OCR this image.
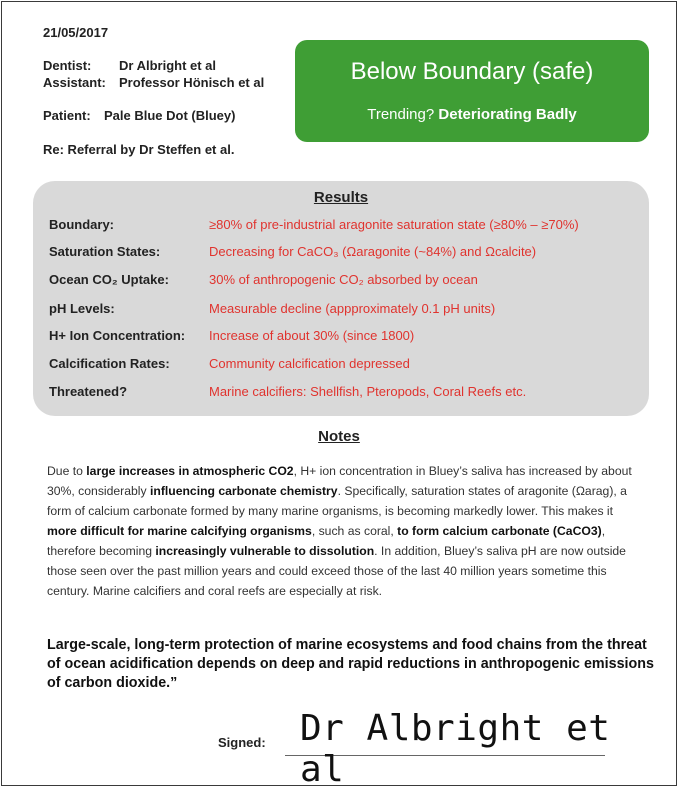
21/05/2017
Dentist: Dr Albright et al
Assistant: Professor Hönisch et al
Patient: Pale Blue Dot (Bluey)
Re: Referral by Dr Steffen et al.
Below Boundary (safe)
Trending? Deteriorating Badly
Results
Boundary:	≥80% of pre-industrial aragonite saturation state (≥80% – ≥70%)
Saturation States:	Decreasing for CaCO₃ (Ωaragonite (~84%) and Ωcalcite)
Ocean CO₂ Uptake:	30% of anthropogenic CO₂ absorbed by ocean
pH Levels:	Measurable decline (appproximately 0.1 pH units)
H+ Ion Concentration: Increase of about 30% (since 1800)
Calcification Rates:	Community calcification depressed
Threatened?	Marine calcifiers: Shellfish, Pteropods, Coral Reefs etc.
Notes
Due to large increases in atmospheric CO2, H+ ion concentration in Bluey’s saliva has increased by about 30%, considerably influencing carbonate chemistry. Specifically, saturation states of aragonite (Ωarag), a form of calcium carbonate formed by many marine organisms, is becoming markedly lower. This makes it more difficult for marine calcifying organisms, such as coral, to form calcium carbonate (CaCO3), therefore becoming increasingly vulnerable to dissolution. In addition, Bluey’s saliva pH are now outside those seen over the past million years and could exceed those of the last 40 million years sometime this century. Marine calcifiers and coral reefs are especially at risk.
Large-scale, long-term protection of marine ecosystems and food chains from the threat of ocean acidification depends on deep and rapid reductions in anthropogenic emissions of carbon dioxide.”
Signed: Dr Albright et al
